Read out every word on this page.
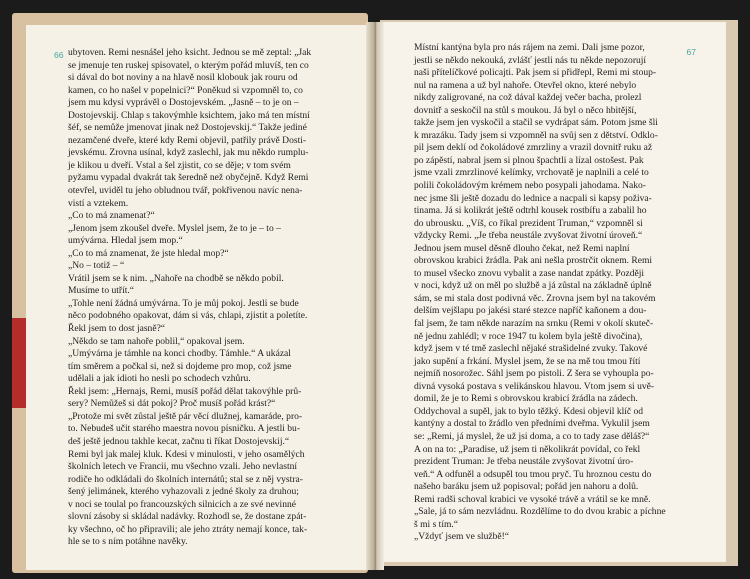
66 ubytoven. Remi nesnášel jeho ksicht. Jednou se mě zeptal: „Jak
se jmenuje ten ruskej spisovatel, o kterým pořád mluvíš, ten co
si dával do bot noviny a na hlavě nosil klobouk jak rouru od
kamen, co ho našel v popelnici?“ Poněkud si vzpomněl to, co
jsem mu kdysi vyprávěl o Dostojevském. „Jasně – to je on –
Dostojevskij. Chlap s takovýmhle ksichtem, jako má ten místní
šéf, se nemůže jmenovat jinak než Dostojevskij.“ Takže jediné
nezamčené dveře, které kdy Remi objevil, patřily právě Dosti-
jevskému. Zrovna usínal, když zaslechl, jak mu někdo rumplu-
je klikou u dveří. Vstal a šel zjistit, co se děje; v tom svém
pyžamu vypadal dvakrát tak šeredně než obyčejně. Když Remi
otevřel, uviděl tu jeho obludnou tvář, pokřivenou navíc nena-
vistí a vztekem.
„Co to má znamenat?“
„Jenom jsem zkoušel dveře. Myslel jsem, že to je – to –
umývárna. Hledal jsem mop.“
„Co to má znamenat, že jste hledal mop?“
„No – totiž – “
Vrátil jsem se k nim. „Nahoře na chodbě se někdo pobil.
Musíme to utřít.“
„Tohle není žádná umývárna. To je můj pokoj. Jestli se bude
něco podobného opakovat, dám si vás, chlapi, zjistit a poletíte.
Řekl jsem to dost jasně?“
„Někdo se tam nahoře poblil,“ opakoval jsem.
„Umývárna je támhle na konci chodby. Támhle.“ A ukázal
tím směrem a počkal si, než si dojdeme pro mop, což jsme
udělali a jak idioti ho nesli po schodech vzhůru.
Řekl jsem: „Hernajs, Remi, musíš pořád dělat takovýhle prů-
sery? Nemůžeš si dát pokoj? Proč musíš pořád krást?“
„Protože mi svět zůstal ještě pár věcí dlužnej, kamaráde, pro-
to. Nebudeš učit starého maestra novou písničku. A jestli bu-
deš ještě jednou takhle kecat, začnu ti říkat Dostojevskij.“
Remi byl jak malej kluk. Kdesi v minulosti, v jeho osamělých
školních letech ve Francii, mu všechno vzali. Jeho nevlastní
rodiče ho odkládali do školních internátů; stal se z něj vystra-
šený jelimánek, kterého vyhazovali z jedné školy za druhou;
v noci se toulal po francouzských silnicích a ze své nevinné
slovní zásoby si skládal nadávky. Rozhodl se, že dostane zpát-
ky všechno, oč ho připravili; ale jeho ztráty nemají konce, tak-
hle se to s ním potáhne navěky.
67
Místní kantýna byla pro nás rájem na zemi. Dali jsme pozor,
jestli se někdo nekouká, zvlášť jestli nás tu někde nepozorují
naši přítelíčkové policajti. Pak jsem si přidřepl, Remi mi stoup-
nul na ramena a už byl nahoře. Otevřel okno, které nebylo
nikdy zaligrované, na což dával každej večer bacha, prolezl
dovnitř a seskočil na stůl s moukou. Já byl o něco hbitější,
takže jsem jen vyskočil a stačil se vydrápat sám. Potom jsme šli
k mrazáku. Tady jsem si vzpomněl na svůj sen z dětství. Odklo-
pil jsem deklí od čokoládové zmrzliny a vrazil dovnitř ruku až
po zápěstí, nabral jsem si plnou špachtli a lízal ostošest. Pak
jsme vzali zmrzlinové kelímky, vrchovatě je naplnili a celé to
polili čokoládovým krémem nebo posypali jahodama. Nako-
nec jsme šli ještě dozadu do lednice a nacpali si kapsy poživa-
tinama. Já si kolikrát ještě odtrhl kousek rostbífu a zabalil ho
do ubrousku. „Víš, co říkal prezident Truman,“ vzpomněl si
vždycky Remi. „Je třeba neustále zvyšovat životní úroveň.“
Jednou jsem musel děsně dlouho čekat, než Remi naplní
obrovskou krabici žrádla. Pak ani nešla prostrčit oknem. Remi
to musel všecko znovu vybalit a zase nandat zpátky. Později
v noci, když už on měl po službě a já zůstal na základně úplně
sám, se mi stala dost podivná věc. Zrovna jsem byl na takovém
delším vejšlapu po jakési staré stezce napříč kaňonem a dou-
fal jsem, že tam někde narazím na srnku (Remi v okolí skuteč-
ně jednu zahlédl; v roce 1947 tu kolem byla ještě divočina),
když jsem v té tmě zaslechl nějaké strašidelné zvuky. Takové
jako supění a frkání. Myslel jsem, že se na mě tou tmou řítí
nejmíň nosorožec. Sáhl jsem po pistoli. Z šera se vyhoupla po-
divná vysoká postava s velikánskou hlavou. Vtom jsem si uvě-
domil, že je to Remi s obrovskou krabicí žrádla na zádech.
Oddychoval a supěl, jak to bylo těžký. Kdesi objevil klíč od
kantýny a dostal to žrádlo ven předními dveřma. Vykulil jsem
se: „Remi, já myslel, že už jsi doma, a co to tady zase děláš?“
A on na to: „Paradise, už jsem ti několikrát povídal, co řekl
prezident Truman: Je třeba neustále zvyšovat životní úro-
veň.“ A odfuněl a odsupěl tou tmou pryč. Tu hroznou cestu do
našeho baráku jsem už popisoval; pořád jen nahoru a dolů.
Remi radši schoval krabici ve vysoké trávě a vrátil se ke mně.
„Sale, já to sám nezvládnu. Rozdělíme to do dvou krabic a píchne
š mi s tím.“
„Vždyť jsem ve službě!“
